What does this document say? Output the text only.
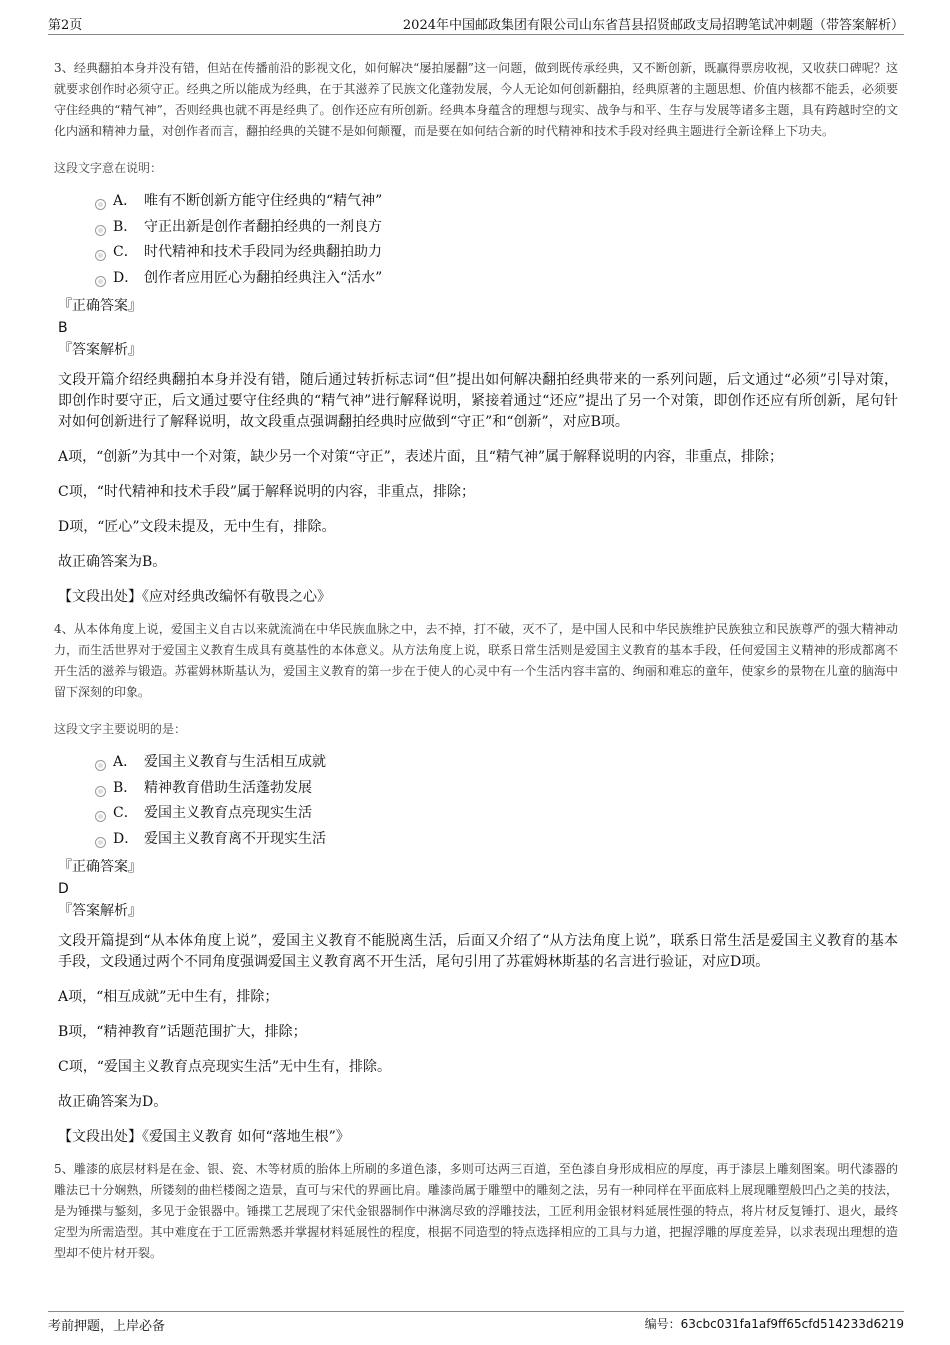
第2页	2024年中国邮政集团有限公司山东省莒县招贤邮政支局招聘笔试冲刺题（带答案解析）

3、经典翻拍本身并没有错，但站在传播前沿的影视文化，如何解决“屡拍屡翻”这一问题，做到既传承经典，又不断创新，既赢得票房收视，又收获口碑呢？这就要求创作时必须守正。经典之所以能成为经典，在于其滋养了民族文化蓬勃发展，今人无论如何创新翻拍，经典原著的主题思想、价值内核都不能丢，必须要守住经典的“精气神”，否则经典也就不再是经典了。创作还应有所创新。经典本身蕴含的理想与现实、战争与和平、生存与发展等诸多主题，具有跨越时空的文化内涵和精神力量，对创作者而言，翻拍经典的关键不是如何颠覆，而是要在如何结合新的时代精神和技术手段对经典主题进行全新诠释上下功夫。

这段文字意在说明：

A． 唯有不断创新方能守住经典的“精气神”
B． 守正出新是创作者翻拍经典的一剂良方
C． 时代精神和技术手段同为经典翻拍助力
D． 创作者应用匠心为翻拍经典注入“活水”

『正确答案』

B

『答案解析』

文段开篇介绍经典翻拍本身并没有错，随后通过转折标志词“但”提出如何解决翻拍经典带来的一系列问题，后文通过“必须”引导对策，即创作时要守正，后文通过要守住经典的“精气神”进行解释说明，紧接着通过“还应”提出了另一个对策，即创作还应有所创新，尾句针对如何创新进行了解释说明，故文段重点强调翻拍经典时应做到“守正”和“创新”，对应B项。

A项，“创新”为其中一个对策，缺少另一个对策“守正”，表述片面，且“精气神”属于解释说明的内容，非重点，排除；

C项，“时代精神和技术手段”属于解释说明的内容，非重点，排除；

D项，“匠心”文段未提及，无中生有，排除。

故正确答案为B。

【文段出处】《应对经典改编怀有敬畏之心》

4、从本体角度上说，爱国主义自古以来就流淌在中华民族血脉之中，去不掉，打不破，灭不了，是中国人民和中华民族维护民族独立和民族尊严的强大精神动力，而生活世界对于爱国主义教育生成具有奠基性的本体意义。从方法角度上说，联系日常生活则是爱国主义教育的基本手段，任何爱国主义精神的形成都离不开生活的滋养与锻造。苏霍姆林斯基认为，爱国主义教育的第一步在于使人的心灵中有一个生活内容丰富的、绚丽和难忘的童年，使家乡的景物在儿童的脑海中留下深刻的印象。

这段文字主要说明的是：

A． 爱国主义教育与生活相互成就
B． 精神教育借助生活蓬勃发展
C． 爱国主义教育点亮现实生活
D． 爱国主义教育离不开现实生活

『正确答案』

D

『答案解析』

文段开篇提到“从本体角度上说”，爱国主义教育不能脱离生活，后面又介绍了“从方法角度上说”，联系日常生活是爱国主义教育的基本手段，文段通过两个不同角度强调爱国主义教育离不开生活，尾句引用了苏霍姆林斯基的名言进行验证，对应D项。

A项，“相互成就”无中生有，排除；

B项，“精神教育”话题范围扩大，排除；

C项，“爱国主义教育点亮现实生活”无中生有，排除。

故正确答案为D。

【文段出处】《爱国主义教育 如何“落地生根”》

5、雕漆的底层材料是在金、银、瓷、木等材质的胎体上所刷的多道色漆，多则可达两三百道，至色漆自身形成相应的厚度，再于漆层上雕刻图案。明代漆器的雕法已十分娴熟，所镂刻的曲栏楼阁之造景，直可与宋代的界画比肩。雕漆尚属于雕塑中的雕刻之法，另有一种同样在平面底料上展现雕塑般凹凸之美的技法，是为锤揲与錾刻，多见于金银器中。锤揲工艺展现了宋代金银器制作中淋漓尽致的浮雕技法，工匠利用金银材料延展性强的特点，将片材反复锤打、退火，最终定型为所需造型。其中难度在于工匠需熟悉并掌握材料延展性的程度，根据不同造型的特点选择相应的工具与力道，把握浮雕的厚度差异，以求表现出理想的造型却不使片材开裂。

考前押题，上岸必备	编号：63cbc031fa1af9ff65cfd514233d6219
